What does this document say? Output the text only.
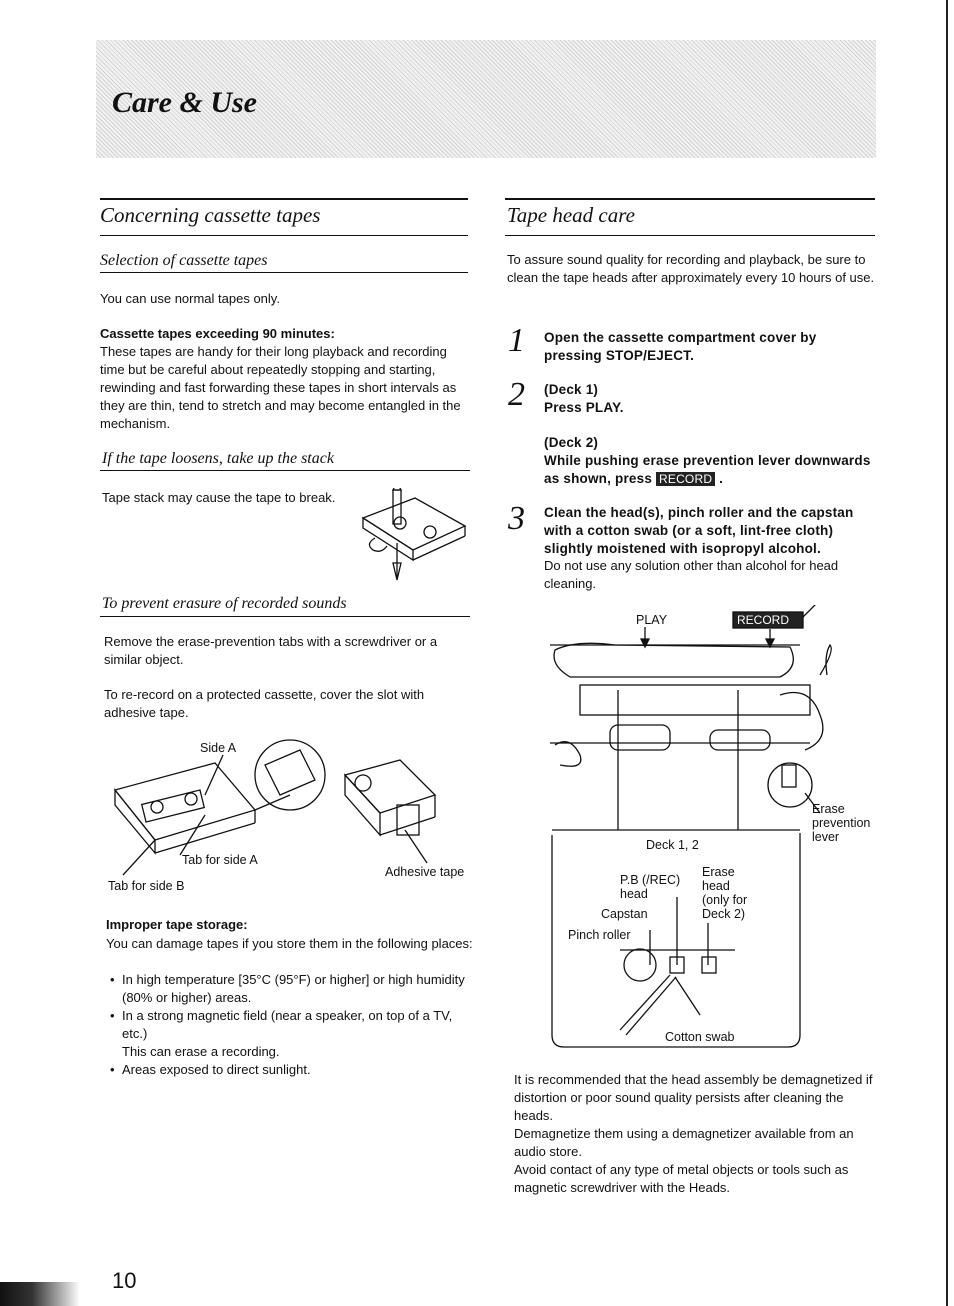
Care & Use
Concerning cassette tapes
Selection of cassette tapes
You can use normal tapes only.
Cassette tapes exceeding 90 minutes:
These tapes are handy for their long playback and recording time but be careful about repeatedly stopping and starting, rewinding and fast forwarding these tapes in short intervals as they are thin, tend to stretch and may become entangled in the mechanism.
If the tape loosens, take up the stack
Tape stack may cause the tape to break.
To prevent erasure of recorded sounds
Remove the erase-prevention tabs with a screwdriver or a similar object.
To re-record on a protected cassette, cover the slot with adhesive tape.
Side A
Tab for side A
Tab for side B
Adhesive tape
Improper tape storage:
You can damage tapes if you store them in the following places:
• In high temperature [35°C (95°F) or higher] or high humidity (80% or higher) areas.
• In a strong magnetic field (near a speaker, on top of a TV, etc.)
This can erase a recording.
• Areas exposed to direct sunlight.
Tape head care
To assure sound quality for recording and playback, be sure to clean the tape heads after approximately every 10 hours of use.
1 Open the cassette compartment cover by pressing STOP/EJECT.
2 (Deck 1)
Press PLAY.
(Deck 2)
While pushing erase prevention lever downwards as shown, press RECORD .
3 Clean the head(s), pinch roller and the capstan with a cotton swab (or a soft, lint-free cloth) slightly moistened with isopropyl alcohol.
Do not use any solution other than alcohol for head cleaning.
PLAY	RECORD
Erase prevention lever
Deck 1, 2
P.B (/REC) head
Erase head (only for Deck 2)
Capstan
Pinch roller
Cotton swab
It is recommended that the head assembly be demagnetized if distortion or poor sound quality persists after cleaning the heads.
Demagnetize them using a demagnetizer available from an audio store.
Avoid contact of any type of metal objects or tools such as magnetic screwdriver with the Heads.
10
